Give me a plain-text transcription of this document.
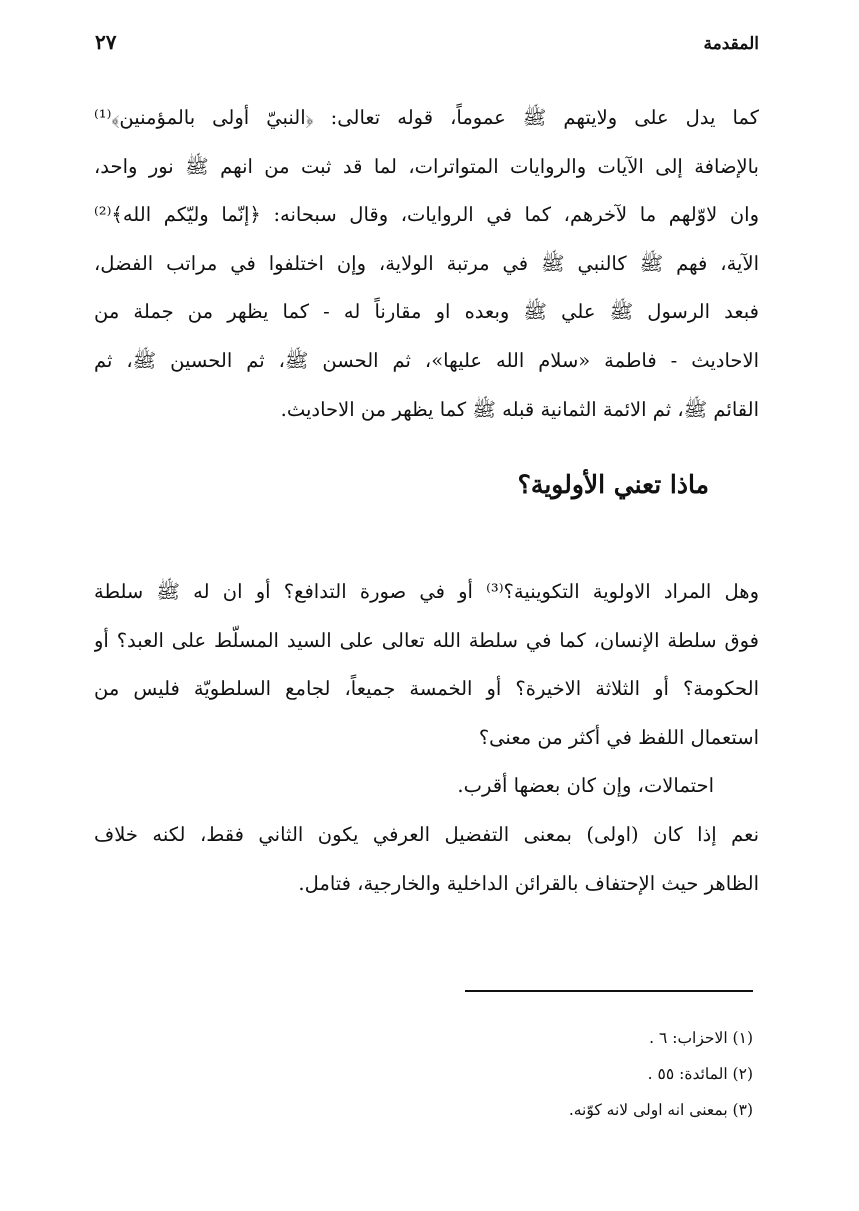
٢٧	المقدمة
كما يدل على ولايتهم ﷺ عموماً، قوله تعالى: ﴿النبيّ أولى بالمؤمنين﴾⁽¹⁾
بالإضافة إلى الآيات والروايات المتواترات، لما قد ثبت من انهم ﷺ نور واحد،
وان لاوّلهم ما لآخرهم، كما في الروايات، وقال سبحانه: ﴿إنّما وليّكم الله﴾⁽²⁾
الآية، فهم ﷺ كالنبي ﷺ في مرتبة الولاية، وإن اختلفوا في مراتب الفضل،
فبعد الرسول ﷺ علي ﷺ وبعده او مقارناً له - كما يظهر من جملة من
الاحاديث - فاطمة «سلام الله عليها»، ثم الحسن ﷺ، ثم الحسين ﷺ، ثم
القائم ﷺ، ثم الائمة الثمانية قبله ﷺ كما يظهر من الاحاديث.
ماذا تعني الأولوية؟
وهل المراد الاولوية التكوينية؟⁽³⁾ أو في صورة التدافع؟ أو ان له ﷺ سلطة
فوق سلطة الإنسان، كما في سلطة الله تعالى على السيد المسلّط على العبد؟ أو
الحكومة؟ أو الثلاثة الاخيرة؟ أو الخمسة جميعاً، لجامع السلطويّة فليس من
استعمال اللفظ في أكثر من معنى؟
احتمالات، وإن كان بعضها أقرب.
نعم إذا كان (اولى) بمعنى التفضيل العرفي يكون الثاني فقط، لكنه خلاف
الظاهر حيث الإحتفاف بالقرائن الداخلية والخارجية، فتامل.
(١) الاحزاب: ٦ .
(٢) المائدة: ٥٥ .
(٣) بمعنى انه اولى لانه كوّنه.
